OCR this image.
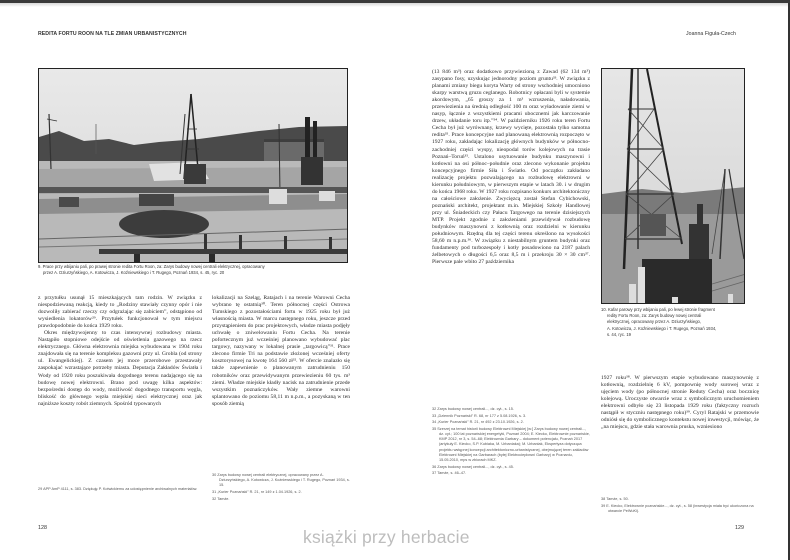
REDITA FORTU ROON NA TLE ZMIAN URBANISTYCZNYCH
9. Prace przy wbijaniu pali, po prawej stronie redita Fortu Roon, za: Zarys budowy nowej centrali elektrycznej, opracowany
przez A. Dziurzyńskiego, A. Kotowicza, J. Koźniewskiego i T. Rugego, Poznań 1934, s. 45, ryc. 20

z przytułku usunął 15 mieszkających tam rodzin. W związku z niespodziewaną reakcją, kiedy to „Rodziny stawiały czynny opór i nie dozwoliły zabierać rzeczy czy odgrażając się zabiciem”, odstąpiono od wysiedlenia lokatorów²⁹. Przytułek funkcjonował w tym miejscu prawdopodobnie do końca 1929 roku.

Okres międzywojenny to czas intensywnej rozbudowy miasta. Nastąpiło stopniowe odejście od oświetlenia gazowego na rzecz elektrycznego. Główna elektrownia miejska wybudowana w 1904 roku znajdowała się na terenie kompleksu gazowni przy ul. Grobla (od strony ul. Ewangelickiej). Z czasem jej moce przerobowe przestawały zaspokajać wzrastające potrzeby miasta. Deputacja Zakładów Światła i Wody od 1920 roku poszukiwała dogodnego terenu nadającego się na budowę nowej elektrowni. Brano pod uwagę kilka aspektów: bezpośredni dostęp do wody, możliwość dogodnego transportu węgla, bliskość do głównego węzła miejskiej sieci elektrycznej oraz jak najniższe koszty robót ziemnych. Spośród typowanych

29 APP AmP 4111, s. 383. Dziękuję P. Kotwickiemu za udostępnienie archiwalnych materiałów.

lokalizacji na Szeląg, Ratajach i na terenie Warowni Cecha wybrano tę ostatnią³⁰. Teren północnej części Ostrowa Tumskiego z pozostałościami fortu w 1925 roku był już własnością miasta. W marcu następnego roku, jeszcze przed przystąpieniem do prac projektowych, władze miasta podjęły uchwałę o zniwelowaniu Fortu Cecha. Na terenie pofortecznym już wcześniej planowano wybudować plac targowy, nazywany w lokalnej prasie „targowicą”³¹. Prace zlecono firmie Tri na podstawie złożonej wcześniej oferty kosztorysowej na kwotę 164 560 zł³². W ofercie znalazło się także zapewnienie o planowanym zatrudnieniu 150 robotników oraz przewidywanym przewiezieniu 60 tys. m³ ziemi. Władze miejskie kładły nacisk na zatrudnienie przede wszystkim poznańczyków. Wały ziemne warowni splantowano do poziomu 58,11 m n.p.m., a pozyskaną w ten sposób ziemią

30 Zarys budowy nowej centrali elektrycznej, opracowany przez A. Dziurzyńskiego, A. Kotowicza, J. Koźniewskiego i T. Rugego, Poznań 1934, s. 15.
31 „Kurier Poznański” R. 21, nr 149 z 1.04.1926, s. 2.
32 Tamże.
128
Joanna Figuła-Czech

(13 846 m³) oraz dodatkowo przywiezioną z Zawad (62 134 m³) zasypano fosy, uzyskując jednorodny poziom gruntu³³. W związku z planami zmiany biegu koryta Warty od strony wschodniej umocniono skarpy warstwą gruzu ceglanego. Robotnicy opłacani byli w systemie akordowym, „65 groszy za 1 m³ wzruszenia, naładowania, przewiezienia na średnią odległość 100 m oraz wyładowanie ziemi w nasyp, łącznie z wszystkiemi pracami ubocznemi jak karczowanie drzew, układanie toru itp.”³⁴. W październiku 1926 roku teren Fortu Cecha był już wyrównany, krzewy wycięte, pozostała tylko samotna redita³⁵. Prace koncepcyjne nad planowaną elektrownią rozpoczęto w 1927 roku, zakładając lokalizację głównych budynków w północno-zachodniej części wyspy, nieopodal torów kolejowych na trasie Poznań–Toruń³⁵. Ustalono usytuowanie budynku maszynowni i kotłowni na osi północ–południe oraz zlecono wykonanie projektu koncepcyjnego firmie Siła i Światło. Od początku zakładano realizację projektu pozwalającego na rozbudowę elektrowni w kierunku południowym, w pierwszym etapie w latach 30. i w drugim do końca 1968 roku. W 1927 roku rozpisano konkurs architektoniczny na całościowe założenie. Zwycięzcą został Stefan Cybichowski, poznański architekt, projektant m.in. Miejskiej Szkoły Handlowej przy ul. Śniadeckich czy Pałacu Targowego na terenie dzisiejszych MTP. Projekt zgodnie z założeniami przewidywał rozbudowę budynków maszynowni z kotłownią oraz rozdzielni w kierunku południowym. Rzędną dla tej części terenu określono na wysokości 58,60 m n.p.m.³⁶. W związku z niestabilnym gruntem budynki oraz fundamenty pod turbozespoły i kotły posadowiono na 2187 palach żelbetowych o długości 6,5 oraz 8,5 m i przekroju 30 × 30 cm³⁷. Pierwsze pale wbito 27 października

32 Zarys budowy nowej centrali..., dz. cyt., s. 15.
33 „Dziennik Poznański” R. 68, nr 177 z 5.08.1926, s. 3.
34 „Kurier Poznański” R. 21, nr 492 z 23.10.1926, s. 2.
35 Szerzej na temat historii budowy Elektrowni Miejskiej [w:] Zarys budowy nowej centrali..., dz. cyt.; 100 lat poznańskiej energetyki, Poznań 2004; E. Kiecko, Elektrownie poznańskie, KMP 2012, nr 3, s. 54–68; Elektrownia Garbary – dokument potencjału, Poznań 2017 (artykuły E. Kiecko, S.P. Kubiaka, M. Urbaniaka); M. Urbaniak, Ekspertyza dotycząca projektu wstępnej koncepcji architektoniczno-urbanistycznej, obejmującej teren zakładów Elektrowni Miejskiej na Garbarach (byłej Elektrociepłowni Garbary) w Poznaniu, 15.05.2010, mps w zbiorach MKZ.
36 Zarys budowy nowej centrali..., dz. cyt., s. 45.
37 Tamże, s. 46–47.
10. Kafar parowy przy wbijaniu pali, po lewej stronie fragment
redity Fortu Roon, za: Zarys budowy nowej centrali
elektrycznej, opracowany przez A. Dziurzyńskiego,
A. Kotowicza, J. Koźniewskiego i T. Rugego, Poznań 1934,
s. 44, ryc. 19

1927 roku³⁸. W pierwszym etapie wybudowano maszynownię z kotłownią, rozdzielnię 6 kV, pompownię wody surowej wraz z ujęciem wody (po północnej stronie Reduty Cecha) oraz bocznicę kolejową. Uroczyste otwarcie wraz z symbolicznym uruchomieniem elektrowni odbyło się 23 listopada 1929 roku (faktyczny rozruch nastąpił w styczniu następnego roku)³⁹. Cyryl Ratajski w przemowie odniósł się do symbolicznego kontekstu nowej inwestycji, mówiąc, że „na miejscu, gdzie stała warownia pruska, wzniesiono

38 Tamże, s. 50.
39 E. Kiecko, Elektrownie poznańskie..., dz. cyt., s. 58 (inwestycja miała być ukończona na otwarcie PeWuKi).
129
książki przy herbacie
